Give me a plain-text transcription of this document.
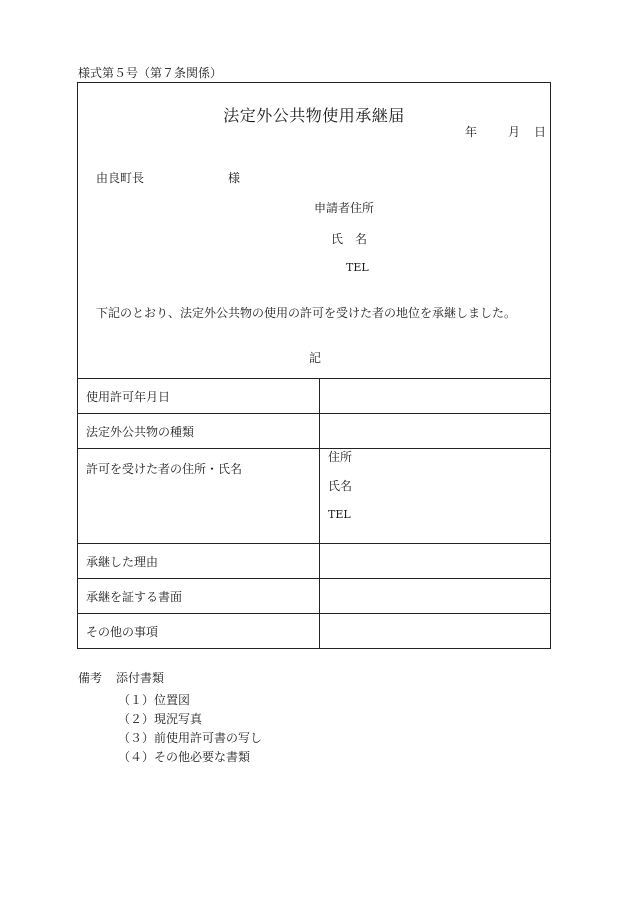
様式第５号（第７条関係）
法定外公共物使用承継届
年	月 日
由良町長	様
申請者住所
氏　名
TEL
下記のとおり、法定外公共物の使用の許可を受けた者の地位を承継しました。
記
使用許可年月日	
法定外公共物の種類	
許可を受けた者の住所・氏名	住所
氏名
TEL

承継した理由	
承継を証する書面	
その他の事項	
備考 添付書類
（１）位置図
（２）現況写真
（３）前使用許可書の写し
（４）その他必要な書類
